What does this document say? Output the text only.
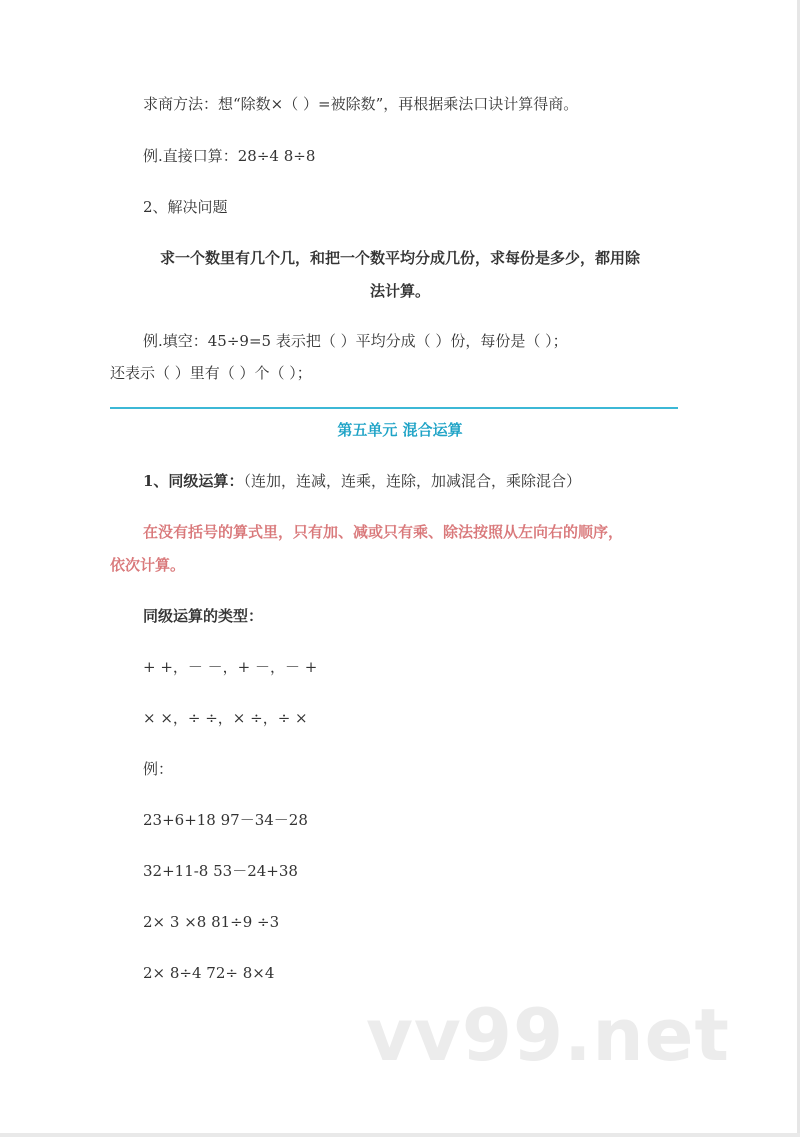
求商方法：想“除数×（ ）=被除数”，再根据乘法口诀计算得商。
例.直接口算：28÷4 8÷8
2、解决问题
求一个数里有几个几，和把一个数平均分成几份，求每份是多少，都用除
法计算。
例.填空：45÷9=5 表示把（ ）平均分成（ ）份，每份是（ ）；
还表示（ ）里有（ ）个（ ）；
第五单元 混合运算
1、同级运算：（连加，连减，连乘，连除，加减混合，乘除混合）
在没有括号的算式里，只有加、减或只有乘、除法按照从左向右的顺序，
依次计算。
同级运算的类型：
+ +，－ －，+ －，－ +
× ×，÷ ÷，× ÷，÷ ×
例：
23+6+18 97－34－28
32+11-8 53－24+38
2× 3 ×8 81÷9 ÷3
2× 8÷4 72÷ 8×4
vv99.net
